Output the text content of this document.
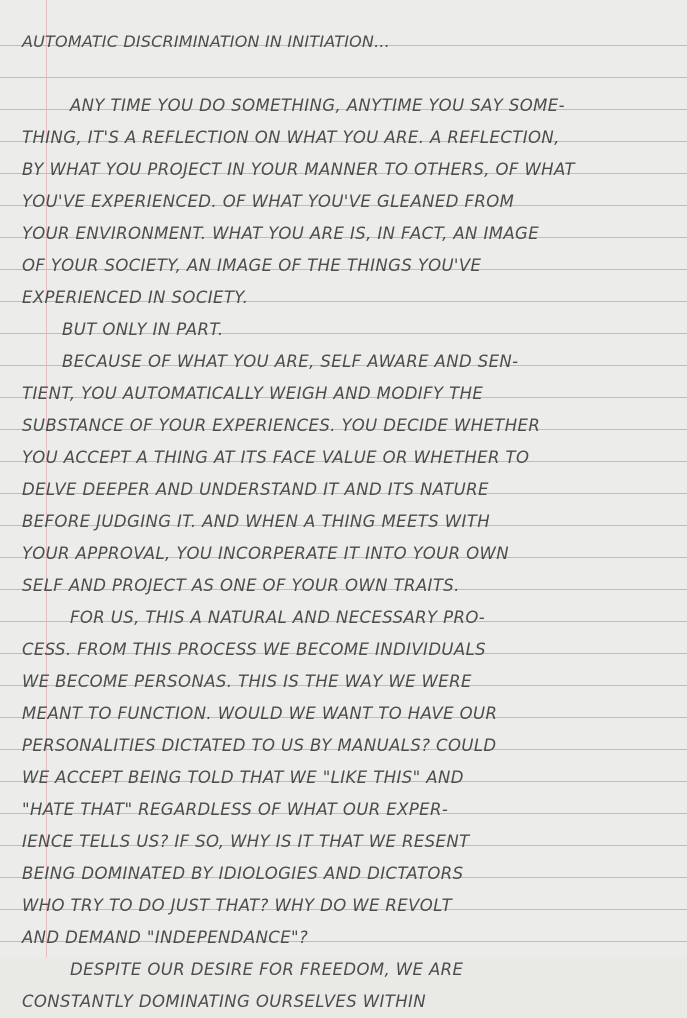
AUTOMATIC DISCRIMINATION IN INITIATION...
ANY TIME YOU DO SOMETHING, ANYTIME YOU SAY SOME-
THING, IT'S A REFLECTION ON WHAT YOU ARE. A REFLECTION,
BY WHAT YOU PROJECT IN YOUR MANNER TO OTHERS, OF WHAT
YOU'VE EXPERIENCED. OF WHAT YOU'VE GLEANED FROM
YOUR ENVIRONMENT. WHAT YOU ARE IS, IN FACT, AN IMAGE
OF YOUR SOCIETY, AN IMAGE OF THE THINGS YOU'VE
EXPERIENCED IN SOCIETY.
BUT ONLY IN PART.
BECAUSE OF WHAT YOU ARE, SELF AWARE AND SEN-
TIENT, YOU AUTOMATICALLY WEIGH AND MODIFY THE
SUBSTANCE OF YOUR EXPERIENCES. YOU DECIDE WHETHER
YOU ACCEPT A THING AT ITS FACE VALUE OR WHETHER TO
DELVE DEEPER AND UNDERSTAND IT AND ITS NATURE
BEFORE JUDGING IT. AND WHEN A THING MEETS WITH
YOUR APPROVAL, YOU INCORPERATE IT INTO YOUR OWN
SELF AND PROJECT AS ONE OF YOUR OWN TRAITS.
FOR US, THIS A NATURAL AND NECESSARY PRO-
CESS. FROM THIS PROCESS WE BECOME INDIVIDUALS
WE BECOME PERSONAS. THIS IS THE WAY WE WERE
MEANT TO FUNCTION. WOULD WE WANT TO HAVE OUR
PERSONALITIES DICTATED TO US BY MANUALS? COULD
WE ACCEPT BEING TOLD THAT WE "LIKE THIS" AND
"HATE THAT" REGARDLESS OF WHAT OUR EXPER-
IENCE TELLS US? IF SO, WHY IS IT THAT WE RESENT
BEING DOMINATED BY IDIOLOGIES AND DICTATORS
WHO TRY TO DO JUST THAT? WHY DO WE REVOLT
AND DEMAND "INDEPENDANCE"?
DESPITE OUR DESIRE FOR FREEDOM, WE ARE
CONSTANTLY DOMINATING OURSELVES WITHIN
